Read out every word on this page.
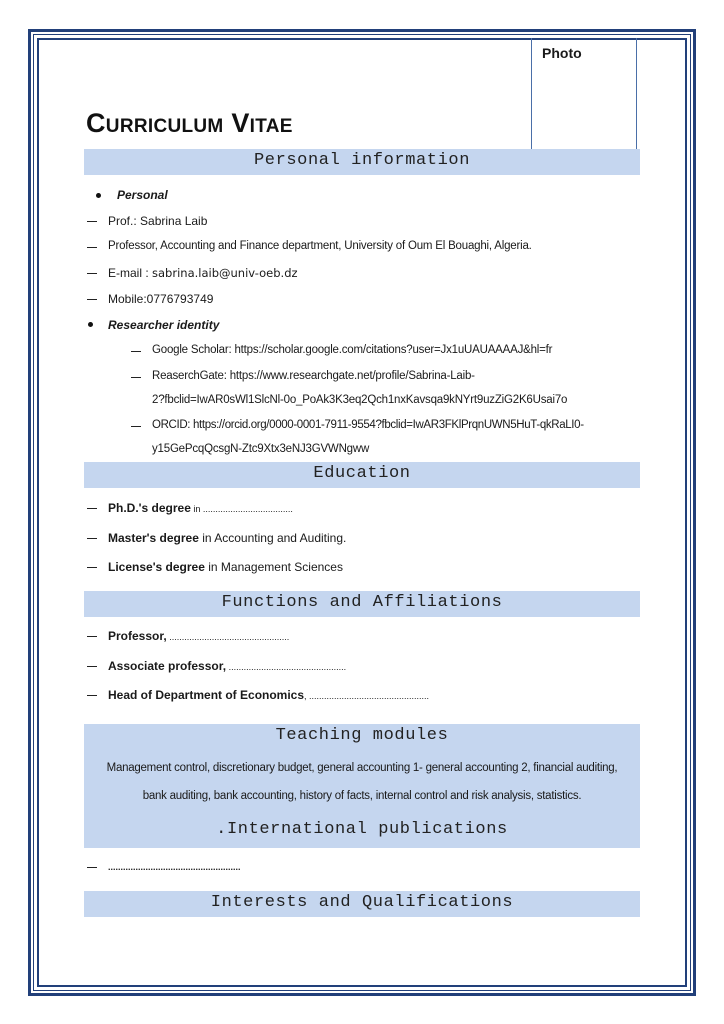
Photo
Curriculum Vitae
Personal information
Personal
Prof.: Sabrina Laib
Professor, Accounting and Finance department, University of Oum El Bouaghi, Algeria.
E-mail : sabrina.laib@univ-oeb.dz
Mobile:0776793749
Researcher identity
Google Scholar: https://scholar.google.com/citations?user=Jx1uUAUAAAAJ&hl=fr
ReaserchGate: https://www.researchgate.net/profile/Sabrina-Laib-
2?fbclid=IwAR0sWl1SlcNl-0o_PoAk3K3eq2Qch1nxKavsqa9kNYrt9uzZiG2K6Usai7o
ORCID: https://orcid.org/0000-0001-7911-9554?fbclid=IwAR3FKlPrqnUWN5HuT-qkRaLI0-
y15GePcqQcsgN-Ztc9Xtx3eNJ3GVWNgww
Education
Ph.D.'s degree in ....................................
Master's degree in Accounting and Auditing.
License's degree in Management Sciences
Functions and Affiliations
Professor, ................................................
Associate professor, ...............................................
Head of Department of Economics, ................................................
Teaching modules
Management control, discretionary budget, general accounting 1- general accounting 2, financial auditing,
bank auditing, bank accounting, history of facts, internal control and risk analysis, statistics.
.International publications
.....................................................
Interests and Qualifications
